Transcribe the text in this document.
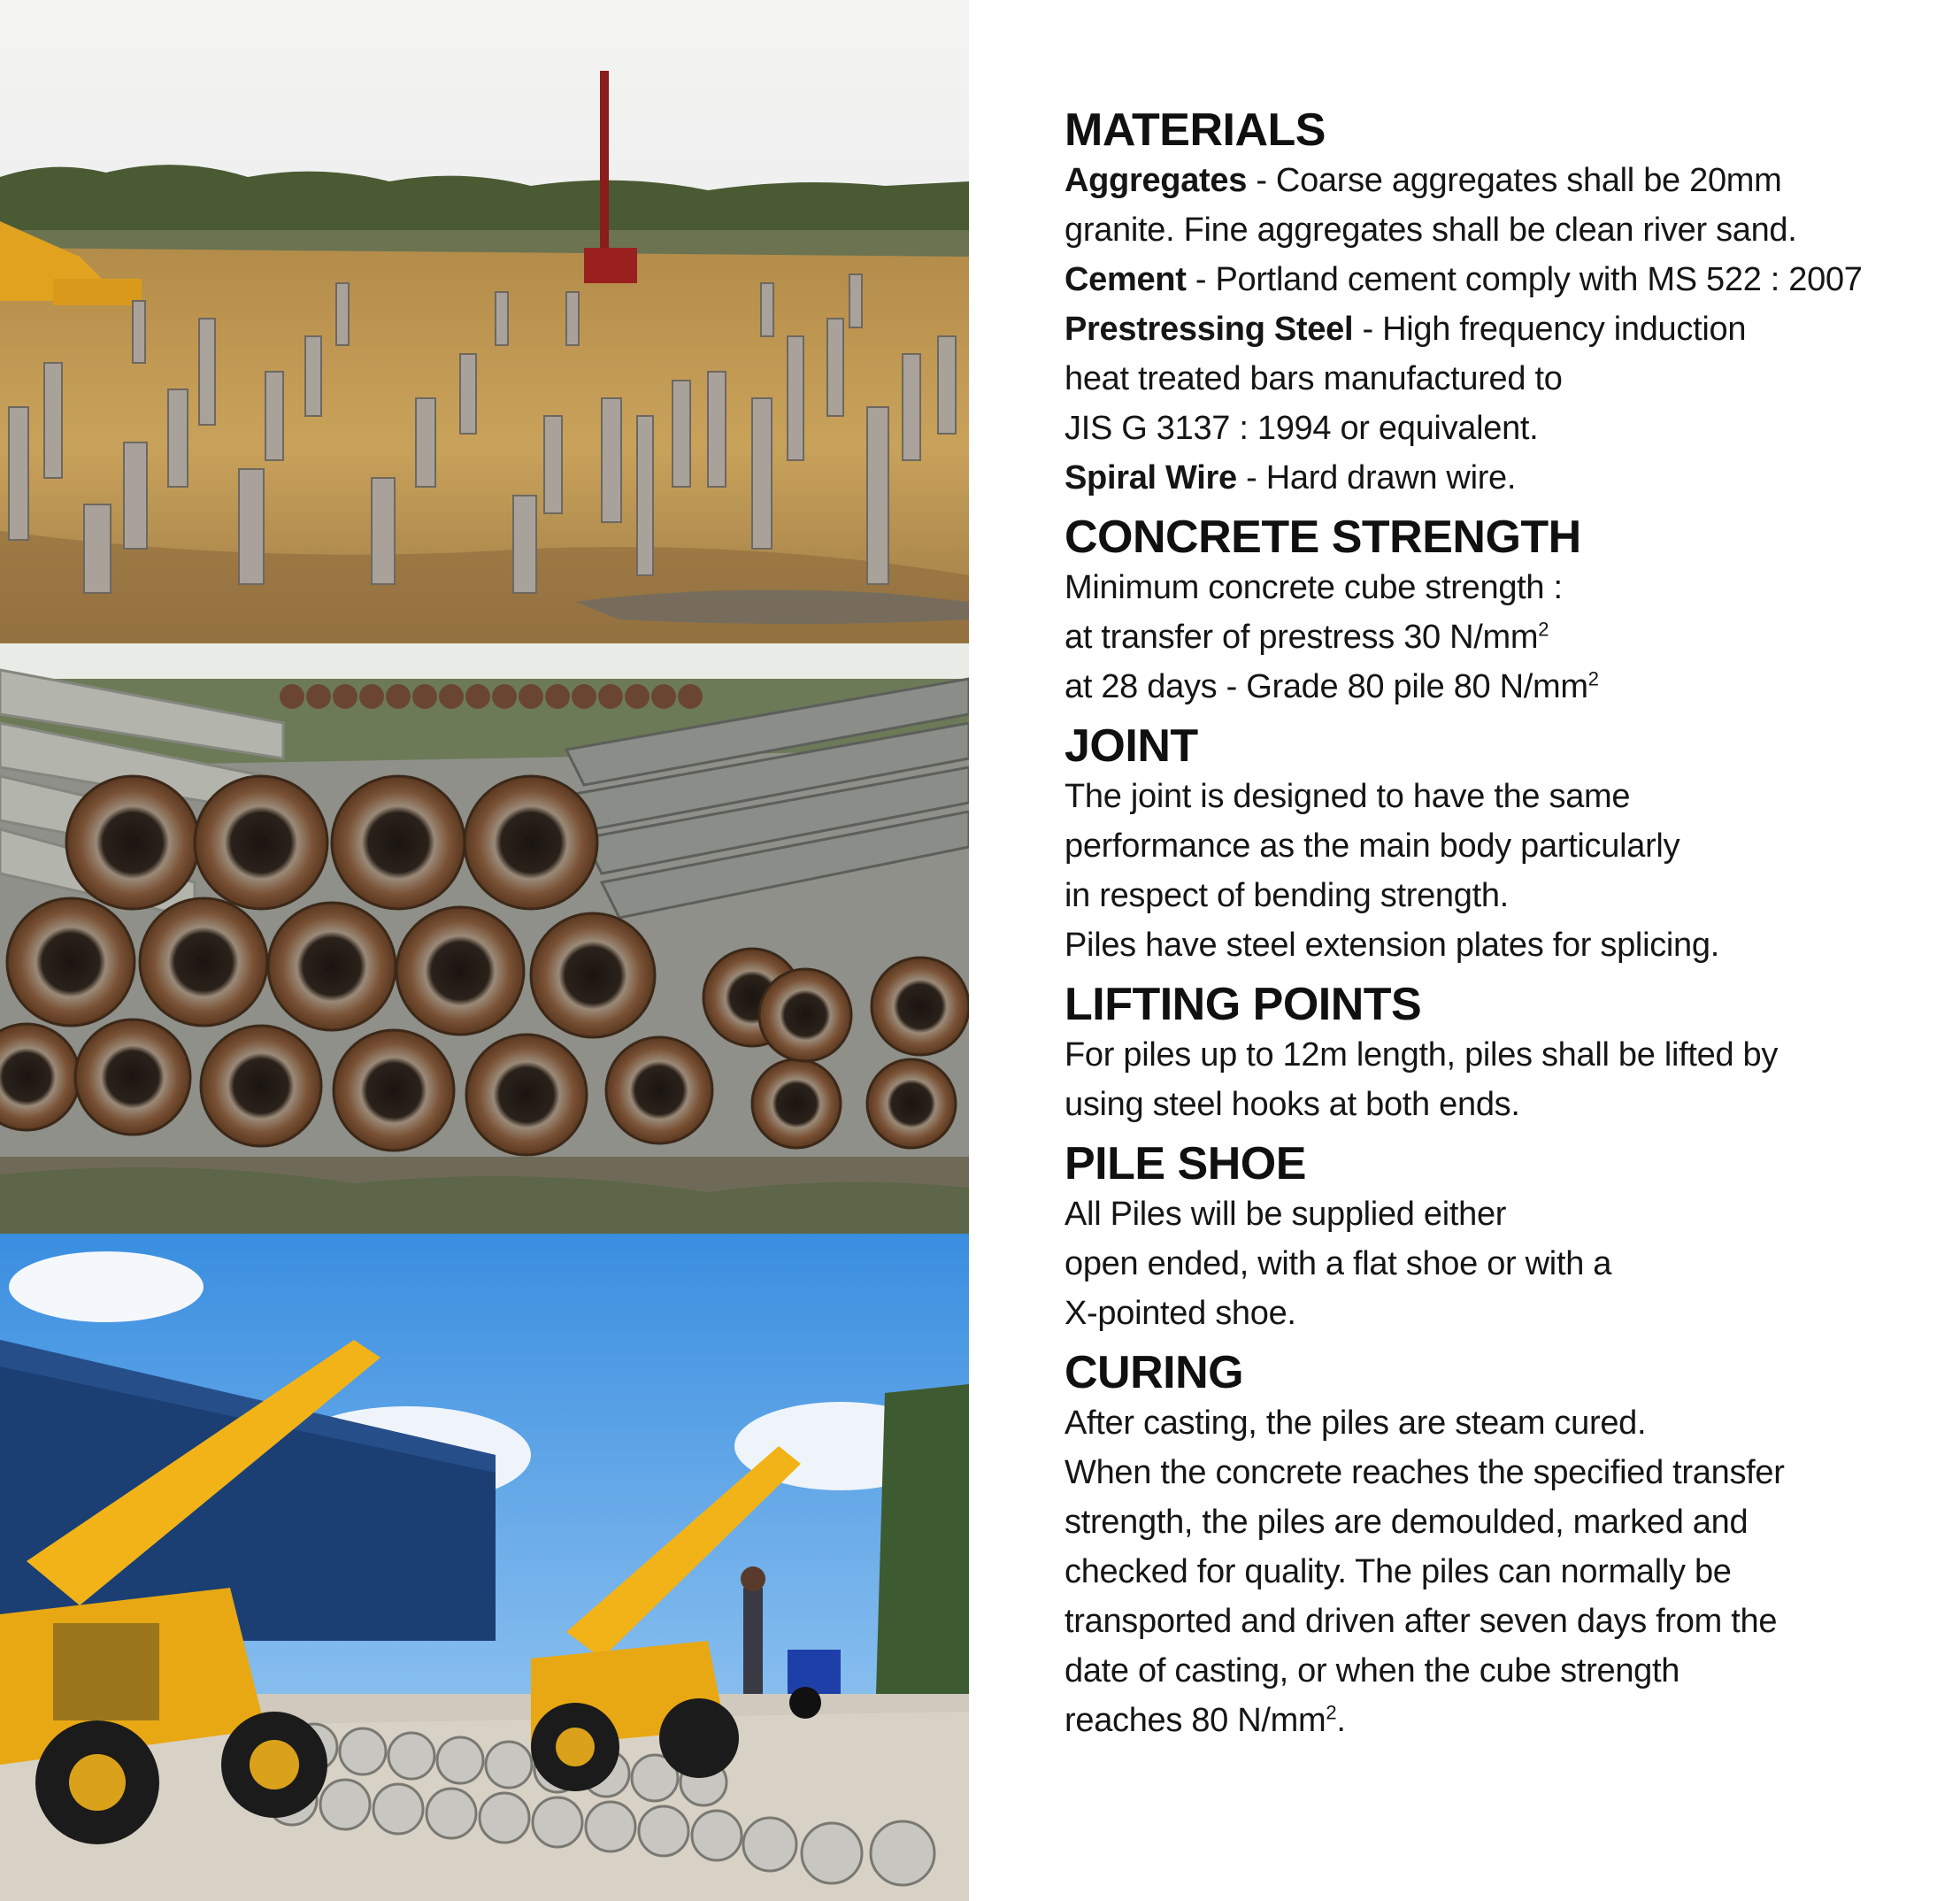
MATERIALS

Aggregates - Coarse aggregates shall be 20mm

granite. Fine aggregates shall be clean river sand.

Cement - Portland cement comply with MS 522 : 2007

Prestressing Steel - High frequency induction

heat treated bars manufactured to

JIS G 3137 : 1994 or equivalent.

Spiral Wire - Hard drawn wire.

CONCRETE STRENGTH

Minimum concrete cube strength :

at transfer of prestress 30 $N/mm^2$

at 28 days - Grade 80 pile 80 $N/mm^2$

JOINT

The joint is designed to have the same

performance as the main body particularly

in respect of bending strength.

Piles have steel extension plates for splicing.

LIFTING POINTS

For piles up to 12m length, piles shall be lifted by

using steel hooks at both ends.

PILE SHOE

All Piles will be supplied either

open ended, with a flat shoe or with a

X-pointed shoe.

CURING

After casting, the piles are steam cured.

When the concrete reaches the specified transfer

strength, the piles are demoulded, marked and

checked for quality. The piles can normally be

transported and driven after seven days from the

date of casting, or when the cube strength

reaches 80 $N/mm^2$.
